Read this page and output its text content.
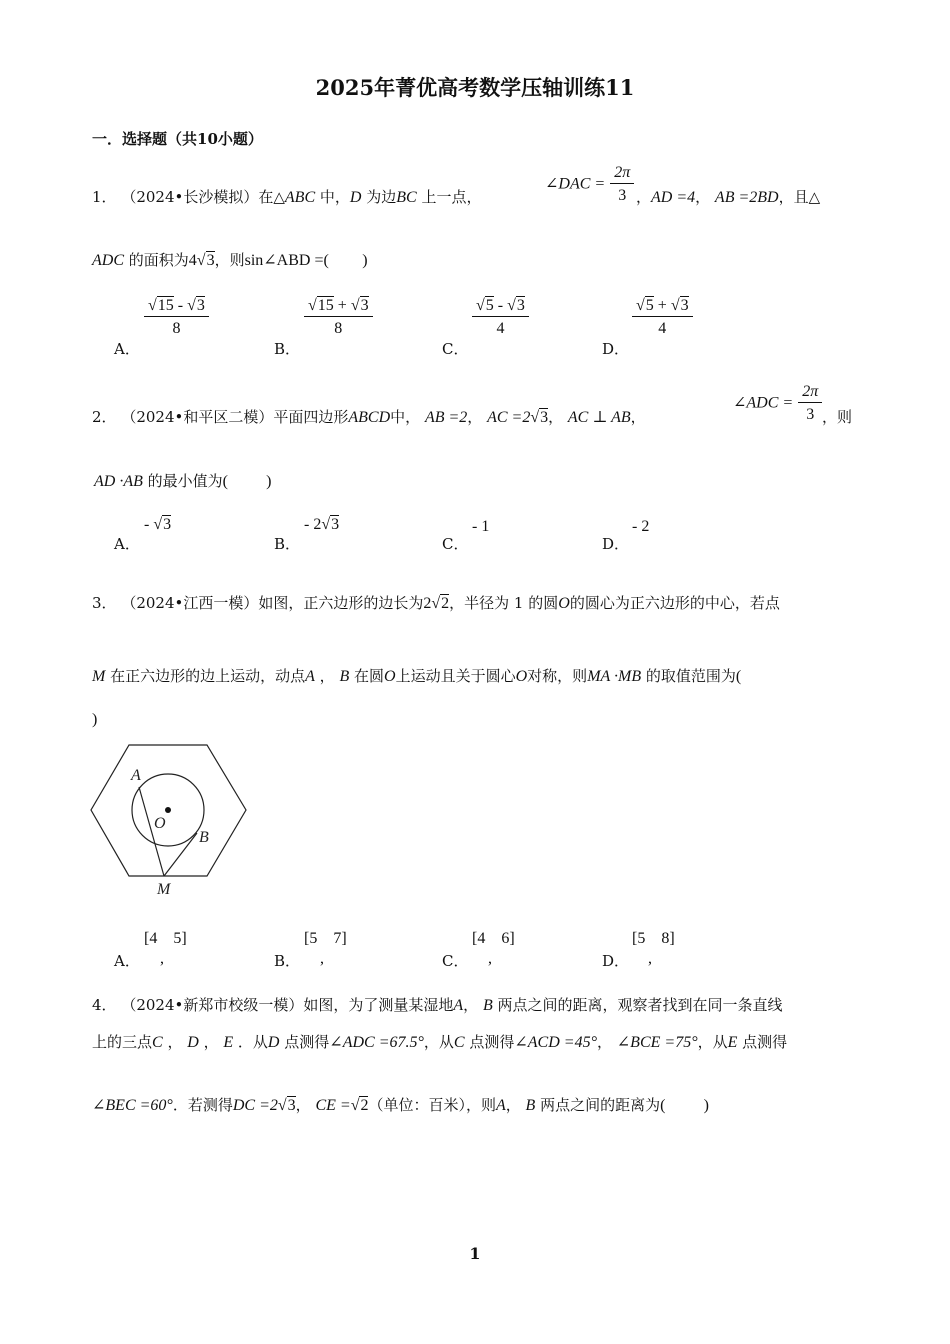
2025年菁优高考数学压轴训练11
一．选择题（共10小题）
1． （2024•长沙模拟）在△ABC 中，D 为边BC 上一点，
∠DAC = $\frac{2\pi}{3}$ ，AD =4， AB =2BD，且△
ADC 的面积为4√3，则sin∠ABD =( )
$\frac{√15 - √3}{8}$
A．
$\frac{√15 + √3}{8}$
B．
$\frac{√5 - √3}{4}$
C．
$\frac{√5 + √3}{4}$
D．
2． （2024•和平区二模）平面四边形ABCD中， AB =2， AC =2√3， AC ⊥ AB，
∠ADC = $\frac{2\pi}{3}$ ，则
AD ·AB 的最小值为( )
- √3
A．
- 2√3
B．
- 1
C．
- 2
D．
3． （2024•江西一模）如图，正六边形的边长为2√2，半径为 1 的圆O的圆心为正六边形的中心，若点
M 在正六边形的边上运动，动点A ， B 在圆O上运动且关于圆心O对称，则MA ·MB 的取值范围为(
)
A
O
B
M
[4 5]
,
A．
[5 7]
,
B．
[4 6]
,
C．
[5 8]
,
D．
4． （2024•新郑市校级一模）如图，为了测量某湿地A， B 两点之间的距离，观察者找到在同一条直线
上的三点C ， D ， E ．从D 点测得∠ADC =67.5°，从C 点测得∠ACD =45°， ∠BCE =75°，从E 点测得
∠BEC =60°．若测得DC =2√3， CE =√2（单位：百米），则A， B 两点之间的距离为( )
1
